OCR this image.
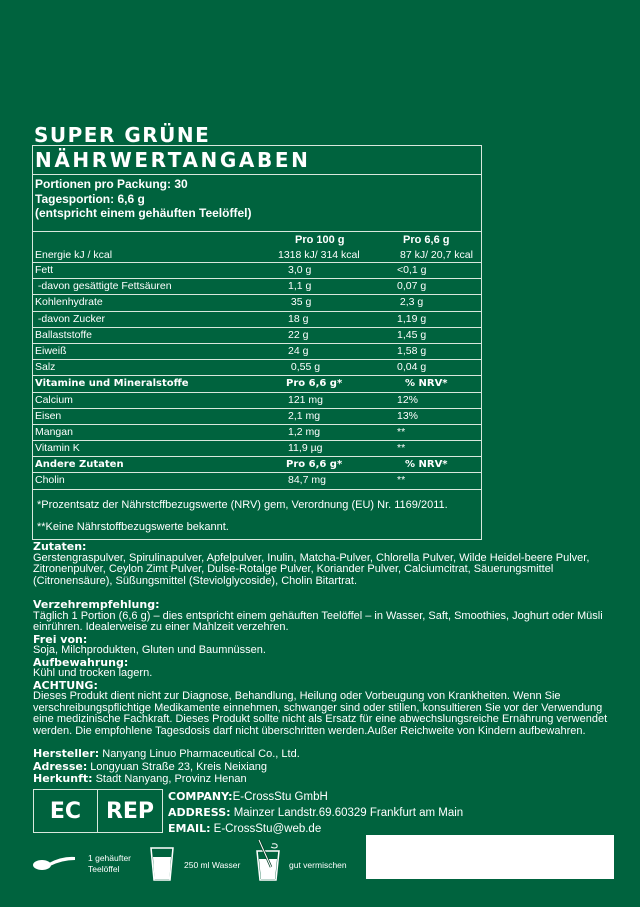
SUPER GRÜNE
NÄHRWERTANGABEN
Portionen pro Packung: 30
Tagesportion: 6,6 g
(entspricht einem gehäuften Teelöffel)
Pro 100 g	Pro 6,6 g
Energie kJ / kcal	1318 kJ/ 314 kcal	87 kJ/ 20,7 kcal
Fett	3,0 g	<0,1 g
-davon gesättigte Fettsäuren	1,1 g	0,07 g
Kohlenhydrate	35 g	2,3 g
-davon Zucker	18 g	1,19 g
Ballaststoffe	22 g	1,45 g
Eiweiß	24 g	1,58 g
Salz	0,55 g	0,04 g
Vitamine und Mineralstoffe	Pro 6,6 g*	% NRV*
Calcium	121 mg	12%
Eisen	2,1 mg	13%
Mangan	1,2 mg	**
Vitamin K	11,9 µg	**
Andere Zutaten	Pro 6,6 g*	% NRV*
Cholin	84,7 mg	**
*Prozentsatz der Nährstcffbezugswerte (NRV) gem, Verordnung (EU) Nr. 1169/2011.
**Keine Nährstoffbezugswerte bekannt.
Zutaten:
Gerstengraspulver, Spirulinapulver, Apfelpulver, Inulin, Matcha-Pulver, Chlorella Pulver, Wilde Heidel-beere Pulver, Zitronenpulver, Ceylon Zimt Pulver, Dulse-Rotalge Pulver, Koriander Pulver, Calciumcitrat, Säuerungsmittel (Citronensäure), Süßungsmittel (Steviolglycoside), Cholin Bitartrat.
Verzehrempfehlung:
Täglich 1 Portion (6,6 g) – dies entspricht einem gehäuften Teelöffel – in Wasser, Saft, Smoothies, Joghurt oder Müsli einrühren. Idealerweise zu einer Mahlzeit verzehren.
Frei von:
Soja, Milchprodukten, Gluten und Baumnüssen.
Aufbewahrung:
Kühl und trocken lagern.
ACHTUNG:
Dieses Produkt dient nicht zur Diagnose, Behandlung, Heilung oder Vorbeugung von Krankheiten. Wenn Sie verschreibungspflichtige Medikamente einnehmen, schwanger sind oder stillen, konsultieren Sie vor der Verwendung eine medizinische Fachkraft. Dieses Produkt sollte nicht als Ersatz für eine abwechslungsreiche Ernährung verwendet werden. Die empfohlene Tagesdosis darf nicht überschritten werden.Außer Reichweite von Kindern aufbewahren.
Hersteller: Nanyang Linuo Pharmaceutical Co., Ltd.
Adresse: Longyuan Straße 23, Kreis Neixiang
Herkunft: Stadt Nanyang, Provinz Henan
EC	REP
COMPANY:E-CrossStu GmbH
ADDRESS: Mainzer Landstr.69.60329 Frankfurt am Main
EMAIL: E-CrossStu@web.de
1 gehäufter
Teelöffel	250 ml Wasser	gut vermischen
